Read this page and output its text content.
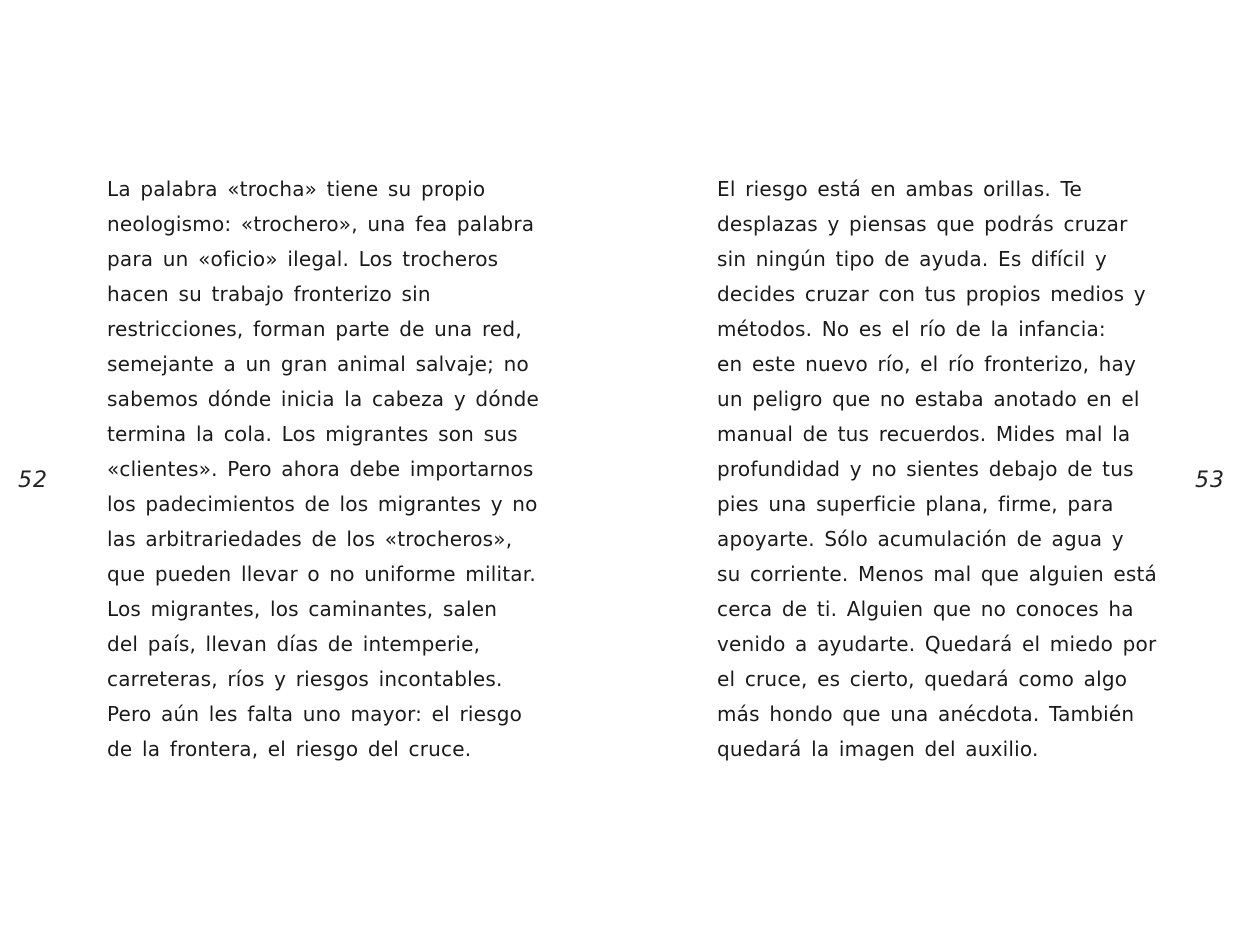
52
La palabra «trocha» tiene su propio
neologismo: «trochero», una fea palabra
para un «oficio» ilegal. Los trocheros
hacen su trabajo fronterizo sin
restricciones, forman parte de una red,
semejante a un gran animal salvaje; no
sabemos dónde inicia la cabeza y dónde
termina la cola. Los migrantes son sus
«clientes». Pero ahora debe importarnos
los padecimientos de los migrantes y no
las arbitrariedades de los «trocheros»,
que pueden llevar o no uniforme militar.
Los migrantes, los caminantes, salen
del país, llevan días de intemperie,
carreteras, ríos y riesgos incontables.
Pero aún les falta uno mayor: el riesgo
de la frontera, el riesgo del cruce.
El riesgo está en ambas orillas. Te
desplazas y piensas que podrás cruzar
sin ningún tipo de ayuda. Es difícil y
decides cruzar con tus propios medios y
métodos. No es el río de la infancia:
en este nuevo río, el río fronterizo, hay
un peligro que no estaba anotado en el
manual de tus recuerdos. Mides mal la
profundidad y no sientes debajo de tus
pies una superficie plana, firme, para
apoyarte. Sólo acumulación de agua y
su corriente. Menos mal que alguien está
cerca de ti. Alguien que no conoces ha
venido a ayudarte. Quedará el miedo por
el cruce, es cierto, quedará como algo
más hondo que una anécdota. También
quedará la imagen del auxilio.
53
